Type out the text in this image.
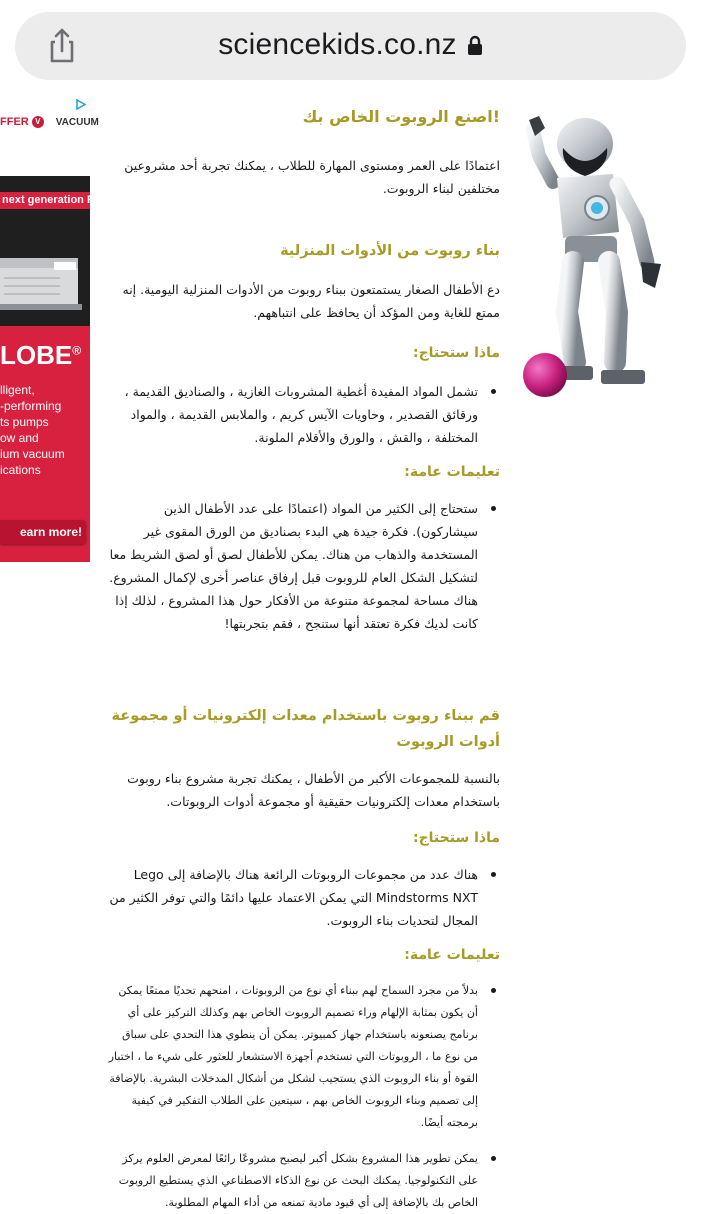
sciencekids.co.nz
FFER V VACUUM
next generation Roots pumps
LOBE®
lligent,
-performing
ts pumps
ow and
ium vacuum
ications
earn more!
!اصنع الروبوت الخاص بك

اعتمادًا على العمر ومستوى المهارة للطلاب ، يمكنك تجربة أحد مشروعين مختلفين لبناء الروبوت.

بناء روبوت من الأدوات المنزلية

دع الأطفال الصغار يستمتعون ببناء روبوت من الأدوات المنزلية اليومية. إنه ممتع للغاية ومن المؤكد أن يحافظ على انتباههم.

ماذا ستحتاج:

تشمل المواد المفيدة أغطية المشروبات الغازية ، والصناديق القديمة ، ورقائق القصدير ، وحاويات الآيس كريم ، والملابس القديمة ، والمواد المختلفة ، والقش ، والورق والأقلام الملونة.

تعليمات عامة:

ستحتاج إلى الكثير من المواد (اعتمادًا على عدد الأطفال الذين سيشاركون). فكرة جيدة هي البدء بصناديق من الورق المقوى غير المستخدمة والذهاب من هناك. يمكن للأطفال لصق أو لصق الشريط معا لتشكيل الشكل العام للروبوت قبل إرفاق عناصر أخرى لإكمال المشروع. هناك مساحة لمجموعة متنوعة من الأفكار حول هذا المشروع ، لذلك إذا كانت لديك فكرة تعتقد أنها ستنجح ، فقم بتجربتها!

قم ببناء روبوت باستخدام معدات إلكترونيات أو مجموعة أدوات الروبوت

بالنسبة للمجموعات الأكبر من الأطفال ، يمكنك تجربة مشروع بناء روبوت باستخدام معدات إلكترونيات حقيقية أو مجموعة أدوات الروبوتات.

ماذا ستحتاج:

هناك عدد من مجموعات الروبوتات الرائعة هناك بالإضافة إلى Lego Mindstorms NXT التي يمكن الاعتماد عليها دائمًا والتي توفر الكثير من المجال لتحديات بناء الروبوت.

تعليمات عامة:

بدلاً من مجرد السماح لهم ببناء أي نوع من الروبوتات ، امنحهم تحديًا ممتعًا يمكن أن يكون بمثابة الإلهام وراء تصميم الروبوت الخاص بهم وكذلك التركيز على أي برنامج يصنعونه باستخدام جهاز كمبيوتر. يمكن أن ينطوي هذا التحدي على سباق من نوع ما ، الروبوتات التي تستخدم أجهزة الاستشعار للعثور على شيء ما ، اختبار القوة أو بناء الروبوت الذي يستجيب لشكل من أشكال المدخلات البشرية. بالإضافة إلى تصميم وبناء الروبوت الخاص بهم ، سيتعين على الطلاب التفكير في كيفية برمجته أيضًا.

يمكن تطوير هذا المشروع بشكل أكبر ليصبح مشروعًا رائعًا لمعرض العلوم يركز على التكنولوجيا. يمكنك البحث عن نوع الذكاء الاصطناعي الذي يستطيع الروبوت الخاص بك بالإضافة إلى أي قيود مادية تمنعه من أداء المهام المطلوبة.
